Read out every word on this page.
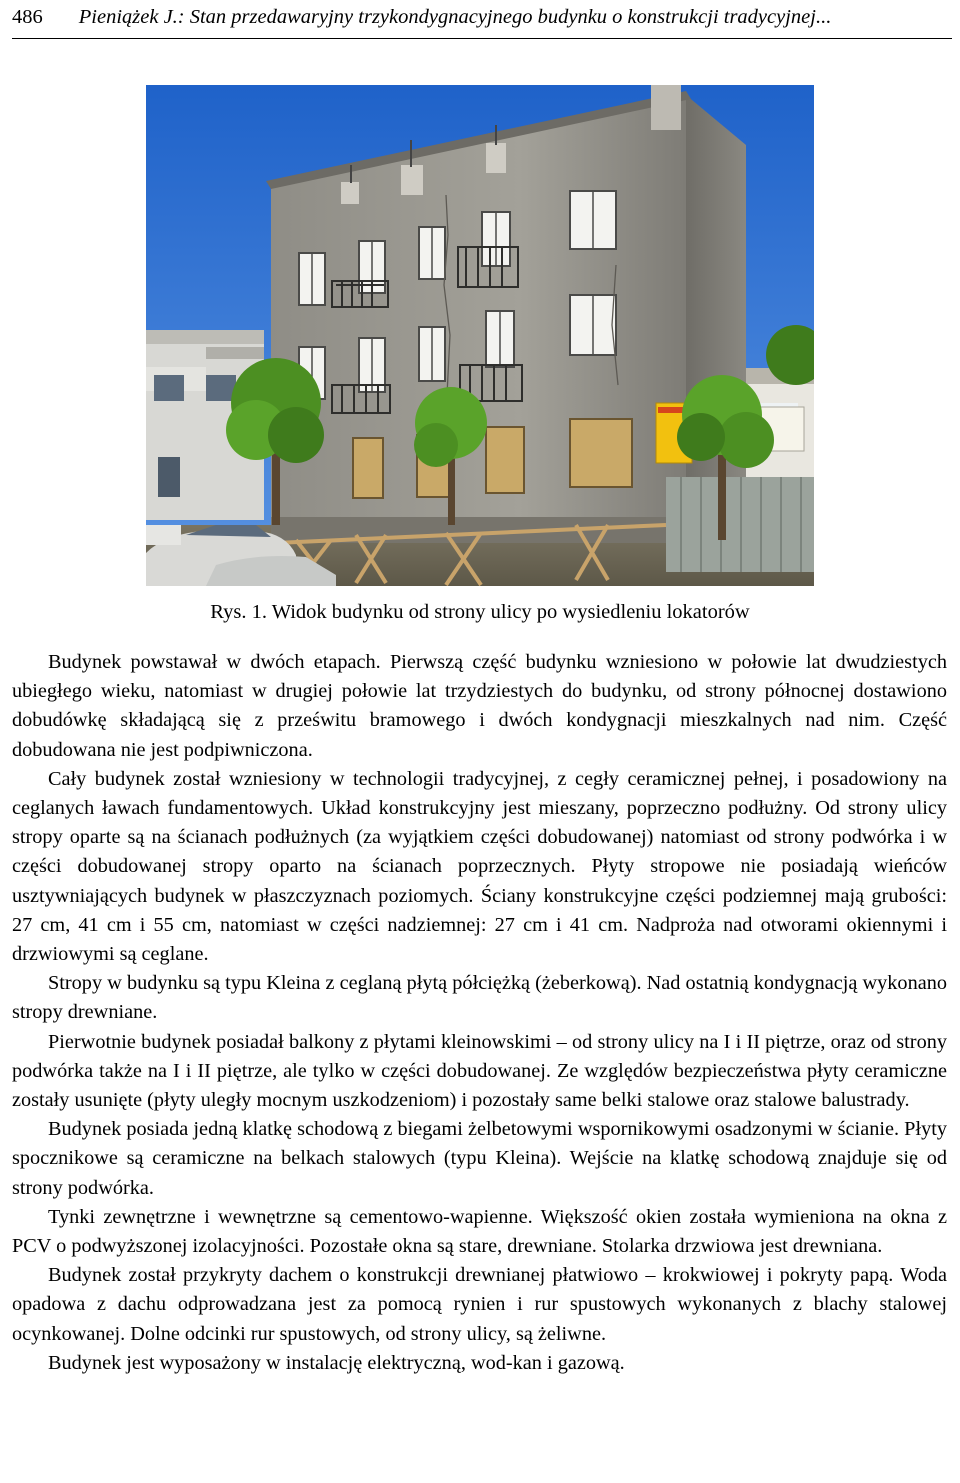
486 Pieniążek J.: Stan przedawaryjny trzykondygnacyjnego budynku o konstrukcji tradycyjnej...
Rys. 1. Widok budynku od strony ulicy po wysiedleniu lokatorów

Budynek powstawał w dwóch etapach. Pierwszą część budynku wzniesiono w połowie lat dwudziestych ubiegłego wieku, natomiast w drugiej połowie lat trzydziestych do budynku, od strony północnej dostawiono dobudówkę składającą się z prześwitu bramowego i dwóch kondygnacji mieszkalnych nad nim. Część dobudowana nie jest podpiwniczona.

Cały budynek został wzniesiony w technologii tradycyjnej, z cegły ceramicznej pełnej, i posadowiony na ceglanych ławach fundamentowych. Układ konstrukcyjny jest mieszany, poprzeczno podłużny. Od strony ulicy stropy oparte są na ścianach podłużnych (za wyjątkiem części dobudowanej) natomiast od strony podwórka i w części dobudowanej stropy oparto na ścianach poprzecznych. Płyty stropowe nie posiadają wieńców usztywniających budynek w płaszczyznach poziomych. Ściany konstrukcyjne części podziemnej mają grubości: 27 cm, 41 cm i 55 cm, natomiast w części nadziemnej: 27 cm i 41 cm. Nadproża nad otworami okiennymi i drzwiowymi są ceglane.

Stropy w budynku są typu Kleina z ceglaną płytą półciężką (żeberkową). Nad ostatnią kondygnacją wykonano stropy drewniane.

Pierwotnie budynek posiadał balkony z płytami kleinowskimi – od strony ulicy na I i II piętrze, oraz od strony podwórka także na I i II piętrze, ale tylko w części dobudowanej. Ze względów bezpieczeństwa płyty ceramiczne zostały usunięte (płyty uległy mocnym uszkodzeniom) i pozostały same belki stalowe oraz stalowe balustrady.

Budynek posiada jedną klatkę schodową z biegami żelbetowymi wspornikowymi osadzonymi w ścianie. Płyty spocznikowe są ceramiczne na belkach stalowych (typu Kleina). Wejście na klatkę schodową znajduje się od strony podwórka.

Tynki zewnętrzne i wewnętrzne są cementowo-wapienne. Większość okien została wymieniona na okna z PCV o podwyższonej izolacyjności. Pozostałe okna są stare, drewniane. Stolarka drzwiowa jest drewniana.

Budynek został przykryty dachem o konstrukcji drewnianej płatwiowo – krokwiowej i pokryty papą. Woda opadowa z dachu odprowadzana jest za pomocą rynien i rur spustowych wykonanych z blachy stalowej ocynkowanej. Dolne odcinki rur spustowych, od strony ulicy, są żeliwne.

Budynek jest wyposażony w instalację elektryczną, wod-kan i gazową.
